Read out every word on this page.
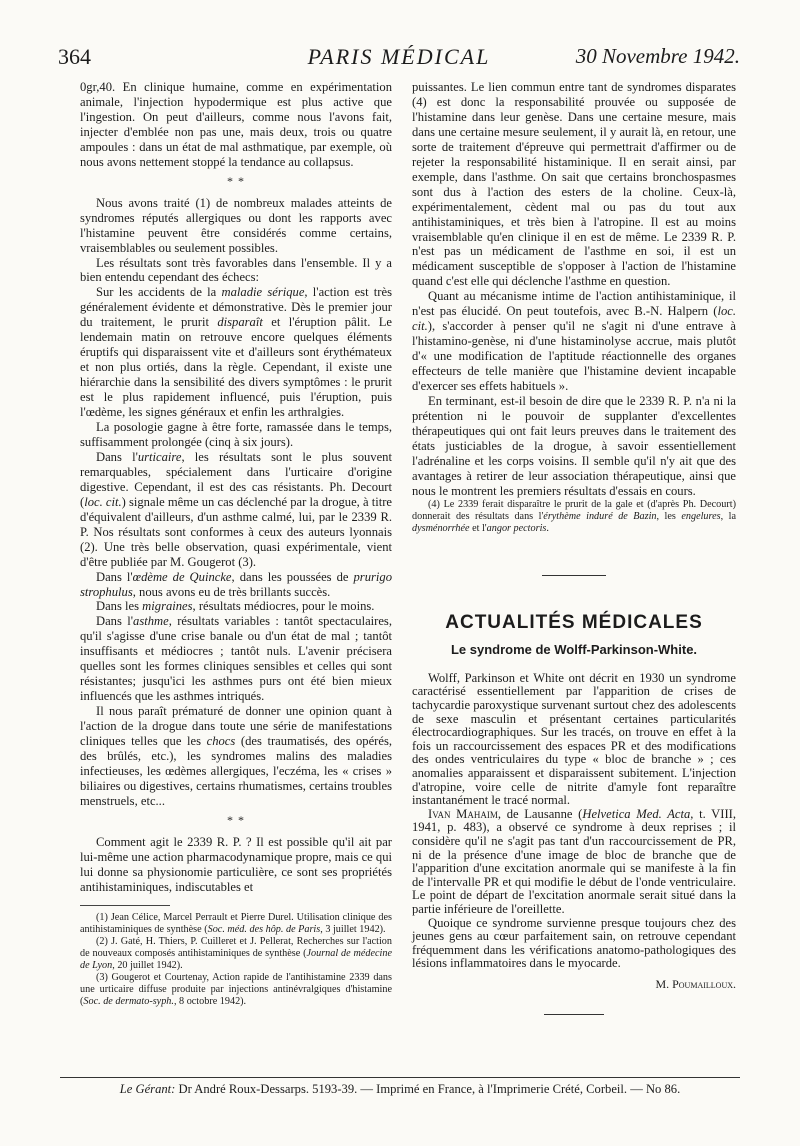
364	PARIS MÉDICAL	30 Novembre 1942.

0gr,40. En clinique humaine, comme en expérimentation animale, l'injection hypodermique est plus active que l'ingestion. On peut d'ailleurs, comme nous l'avons fait, injecter d'emblée non pas une, mais deux, trois ou quatre ampoules : dans un état de mal asthmatique, par exemple, où nous avons nettement stoppé la tendance au collapsus.

* *

Nous avons traité (1) de nombreux malades atteints de syndromes réputés allergiques ou dont les rapports avec l'histamine peuvent être considérés comme certains, vraisemblables ou seulement possibles.

Les résultats sont très favorables dans l'ensemble. Il y a bien entendu cependant des échecs:

Sur les accidents de la maladie sérique, l'action est très généralement évidente et démonstrative. Dès le premier jour du traitement, le prurit disparaît et l'éruption pâlit. Le lendemain matin on retrouve encore quelques éléments éruptifs qui disparaissent vite et d'ailleurs sont érythémateux et non plus ortiés, dans la règle. Cependant, il existe une hiérarchie dans la sensibilité des divers symptômes : le prurit est le plus rapidement influencé, puis l'éruption, puis l'œdème, les signes généraux et enfin les arthralgies.

La posologie gagne à être forte, ramassée dans le temps, suffisamment prolongée (cinq à six jours).

Dans l'urticaire, les résultats sont le plus souvent remarquables, spécialement dans l'urticaire d'origine digestive. Cependant, il est des cas résistants. Ph. Decourt (loc. cit.) signale même un cas déclenché par la drogue, à titre d'équivalent d'ailleurs, d'un asthme calmé, lui, par le 2339 R. P. Nos résultats sont conformes à ceux des auteurs lyonnais (2). Une très belle observation, quasi expérimentale, vient d'être publiée par M. Gougerot (3).

Dans l'œdème de Quincke, dans les poussées de prurigo strophulus, nous avons eu de très brillants succès.

Dans les migraines, résultats médiocres, pour le moins.

Dans l'asthme, résultats variables : tantôt spectaculaires, qu'il s'agisse d'une crise banale ou d'un état de mal ; tantôt insuffisants et médiocres ; tantôt nuls. L'avenir précisera quelles sont les formes cliniques sensibles et celles qui sont résistantes; jusqu'ici les asthmes purs ont été bien mieux influencés que les asthmes intriqués.

Il nous paraît prématuré de donner une opinion quant à l'action de la drogue dans toute une série de manifestations cliniques telles que les chocs (des traumatisés, des opérés, des brûlés, etc.), les syndromes malins des maladies infectieuses, les œdèmes allergiques, l'eczéma, les « crises » biliaires ou digestives, certains rhumatismes, certains troubles menstruels, etc...

* *

Comment agit le 2339 R. P. ? Il est possible qu'il ait par lui-même une action pharmacodynamique propre, mais ce qui lui donne sa physionomie particulière, ce sont ses propriétés antihistaminiques, indiscutables et

(1) Jean Célice, Marcel Perrault et Pierre Durel. Utilisation clinique des antihistaminiques de synthèse (Soc. méd. des hôp. de Paris, 3 juillet 1942).

(2) J. Gaté, H. Thiers, P. Cuilleret et J. Pellerat, Recherches sur l'action de nouveaux composés antihistaminiques de synthèse (Journal de médecine de Lyon, 20 juillet 1942).

(3) Gougerot et Courtenay, Action rapide de l'antihistamine 2339 dans une urticaire diffuse produite par injections antinévralgiques d'histamine (Soc. de dermato-syph., 8 octobre 1942).

puissantes. Le lien commun entre tant de syndromes disparates (4) est donc la responsabilité prouvée ou supposée de l'histamine dans leur genèse. Dans une certaine mesure, mais dans une certaine mesure seulement, il y aurait là, en retour, une sorte de traitement d'épreuve qui permettrait d'affirmer ou de rejeter la responsabilité histaminique. Il en serait ainsi, par exemple, dans l'asthme. On sait que certains bronchospasmes sont dus à l'action des esters de la choline. Ceux-là, expérimentalement, cèdent mal ou pas du tout aux antihistaminiques, et très bien à l'atropine. Il est au moins vraisemblable qu'en clinique il en est de même. Le 2339 R. P. n'est pas un médicament de l'asthme en soi, il est un médicament susceptible de s'opposer à l'action de l'histamine quand c'est elle qui déclenche l'asthme en question.

Quant au mécanisme intime de l'action antihistaminique, il n'est pas élucidé. On peut toutefois, avec B.-N. Halpern (loc. cit.), s'accorder à penser qu'il ne s'agit ni d'une entrave à l'histamino-genèse, ni d'une histaminolyse accrue, mais plutôt d'« une modification de l'aptitude réactionnelle des organes effecteurs de telle manière que l'histamine devient incapable d'exercer ses effets habituels ».

En terminant, est-il besoin de dire que le 2339 R. P. n'a ni la prétention ni le pouvoir de supplanter d'excellentes thérapeutiques qui ont fait leurs preuves dans le traitement des états justiciables de la drogue, à savoir essentiellement l'adrénaline et les corps voisins. Il semble qu'il n'y ait que des avantages à retirer de leur association thérapeutique, ainsi que nous le montrent les premiers résultats d'essais en cours.

(4) Le 2339 ferait disparaître le prurit de la gale et (d'après Ph. Decourt) donnerait des résultats dans l'érythème induré de Bazin, les engelures, la dysménorrhée et l'angor pectoris.

ACTUALITÉS MÉDICALES
Le syndrome de Wolff-Parkinson-White.

Wolff, Parkinson et White ont décrit en 1930 un syndrome caractérisé essentiellement par l'apparition de crises de tachycardie paroxystique survenant surtout chez des adolescents de sexe masculin et présentant certaines particularités électrocardiographiques. Sur les tracés, on trouve en effet à la fois un raccourcissement des espaces PR et des modifications des ondes ventriculaires du type « bloc de branche » ; ces anomalies apparaissent et disparaissent subitement. L'injection d'atropine, voire celle de nitrite d'amyle font reparaître instantanément le tracé normal.

Ivan Mahaim, de Lausanne (Helvetica Med. Acta, t. VIII, 1941, p. 483), a observé ce syndrome à deux reprises ; il considère qu'il ne s'agit pas tant d'un raccourcissement de PR, ni de la présence d'une image de bloc de branche que de l'apparition d'une excitation anormale qui se manifeste à la fin de l'intervalle PR et qui modifie le début de l'onde ventriculaire. Le point de départ de l'excitation anormale serait situé dans la partie inférieure de l'oreillette.

Quoique ce syndrome survienne presque toujours chez des jeunes gens au cœur parfaitement sain, on retrouve cependant fréquemment dans les vérifications anatomo-pathologiques des lésions inflammatoires dans le myocarde.

M. Poumailloux.
Le Gérant: Dr André Roux-Dessarps. 5193-39. — Imprimé en France, à l'Imprimerie Crété, Corbeil. — No 86.
